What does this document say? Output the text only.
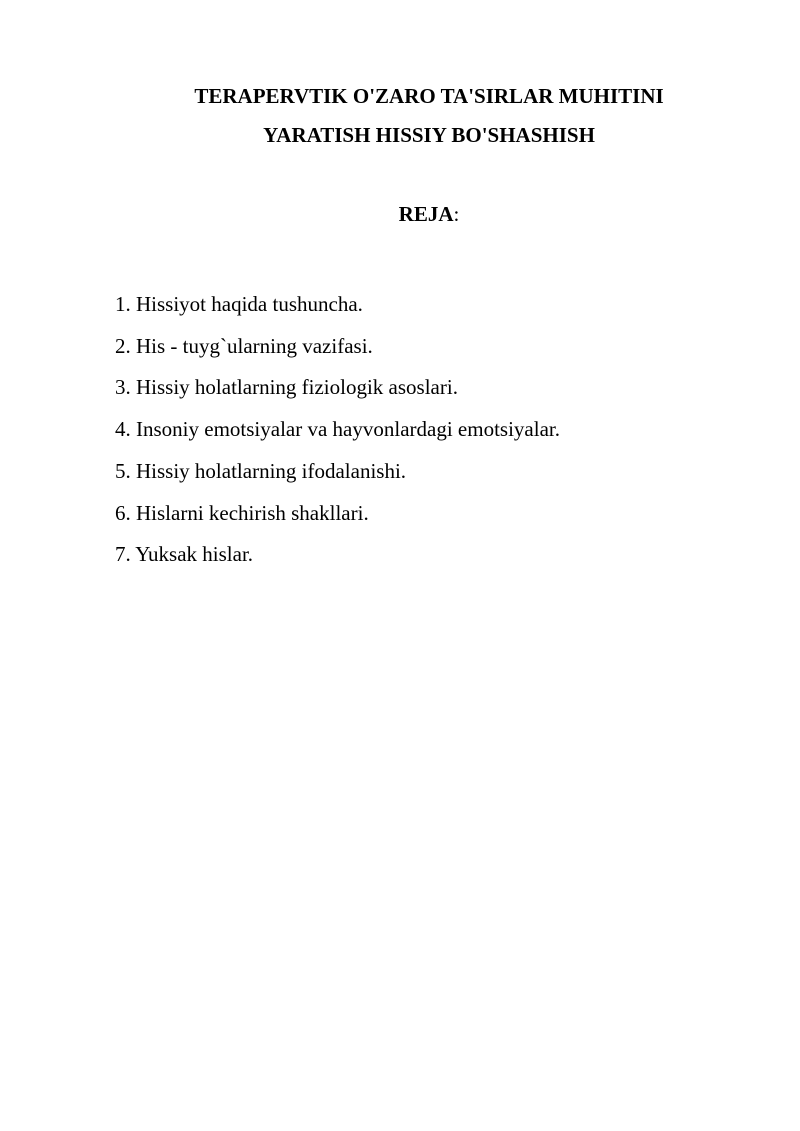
TERAPERVTIK O'ZARO TA'SIRLAR MUHITINI
YARATISH HISSIY BO'SHASHISH

REJA:

1. Hissiyot haqida tushuncha.
2. His - tuyg`ularning vazifasi.
3. Hissiy holatlarning fiziologik asoslari.
4. Insoniy emotsiyalar va hayvonlardagi emotsiyalar.
5. Hissiy holatlarning ifodalanishi.
6. Hislarni kechirish shakllari.
7. Yuksak hislar.
